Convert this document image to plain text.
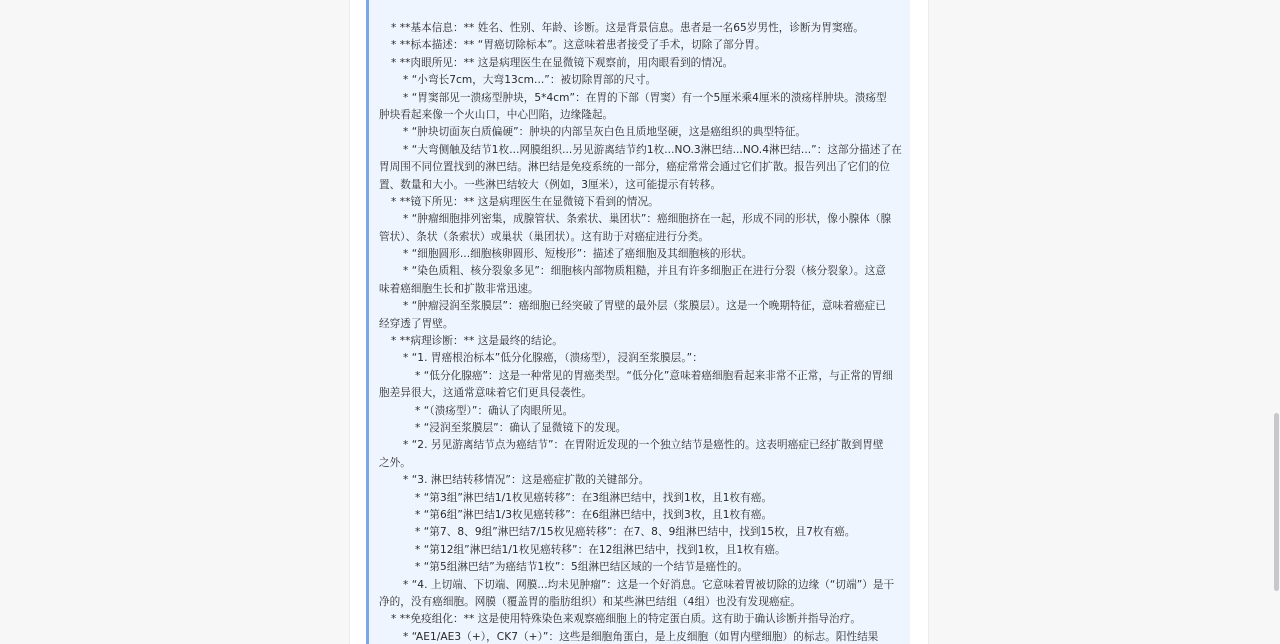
* **基本信息：** 姓名、性别、年龄、诊断。这是背景信息。患者是一名65岁男性，诊断为胃窦癌。
* **标本描述：** “胃癌切除标本”。这意味着患者接受了手术，切除了部分胃。
* **肉眼所见：** 这是病理医生在显微镜下观察前，用肉眼看到的情况。
* “小弯长7cm，大弯13cm...”：被切除胃部的尺寸。
* “胃窦部见一溃疡型肿块，5*4cm”：在胃的下部（胃窦）有一个5厘米乘4厘米的溃疡样肿块。溃疡型
肿块看起来像一个火山口，中心凹陷，边缘隆起。
* “肿块切面灰白质偏硬”：肿块的内部呈灰白色且质地坚硬，这是癌组织的典型特征。
* “大弯侧触及结节1枚...网膜组织...另见游离结节约1枚...NO.3淋巴结...NO.4淋巴结...”：这部分描述了在
胃周围不同位置找到的淋巴结。淋巴结是免疫系统的一部分，癌症常常会通过它们扩散。报告列出了它们的位
置、数量和大小。一些淋巴结较大（例如，3厘米），这可能提示有转移。
* **镜下所见：** 这是病理医生在显微镜下看到的情况。
* “肿瘤细胞排列密集，成腺管状、条索状、巢团状”：癌细胞挤在一起，形成不同的形状，像小腺体（腺
管状）、条状（条索状）或巢状（巢团状）。这有助于对癌症进行分类。
* “细胞圆形...细胞核卵圆形、短梭形”：描述了癌细胞及其细胞核的形状。
* “染色质粗、核分裂象多见”：细胞核内部物质粗糙，并且有许多细胞正在进行分裂（核分裂象）。这意
味着癌细胞生长和扩散非常迅速。
* “肿瘤浸润至浆膜层”：癌细胞已经突破了胃壁的最外层（浆膜层）。这是一个晚期特征，意味着癌症已
经穿透了胃壁。
* **病理诊断：** 这是最终的结论。
* “1. 胃癌根治标本”低分化腺癌，（溃疡型），浸润至浆膜层。”：
* “低分化腺癌”：这是一种常见的胃癌类型。“低分化”意味着癌细胞看起来非常不正常，与正常的胃细
胞差异很大，这通常意味着它们更具侵袭性。
* “（溃疡型）”：确认了肉眼所见。
* “浸润至浆膜层”：确认了显微镜下的发现。
* “2. 另见游离结节点为癌结节”：在胃附近发现的一个独立结节是癌性的。这表明癌症已经扩散到胃壁
之外。
* “3. 淋巴结转移情况”：这是癌症扩散的关键部分。
* “第3组”淋巴结1/1枚见癌转移”：在3组淋巴结中，找到1枚，且1枚有癌。
* “第6组”淋巴结1/3枚见癌转移”：在6组淋巴结中，找到3枚，且1枚有癌。
* “第7、8、9组”淋巴结7/15枚见癌转移”：在7、8、9组淋巴结中，找到15枚，且7枚有癌。
* “第12组”淋巴结1/1枚见癌转移”：在12组淋巴结中，找到1枚，且1枚有癌。
* “第5组淋巴结”为癌结节1枚”：5组淋巴结区域的一个结节是癌性的。
* “4. 上切端、下切端、网膜...均未见肿瘤”：这是一个好消息。它意味着胃被切除的边缘（“切端”）是干
净的，没有癌细胞。网膜（覆盖胃的脂肪组织）和某些淋巴结组（4组）也没有发现癌症。
* **免疫组化：** 这是使用特殊染色来观察癌细胞上的特定蛋白质。这有助于确认诊断并指导治疗。
* “AE1/AE3（+），CK7（+）”：这些是细胞角蛋白，是上皮细胞（如胃内壁细胞）的标志。阳性结果
